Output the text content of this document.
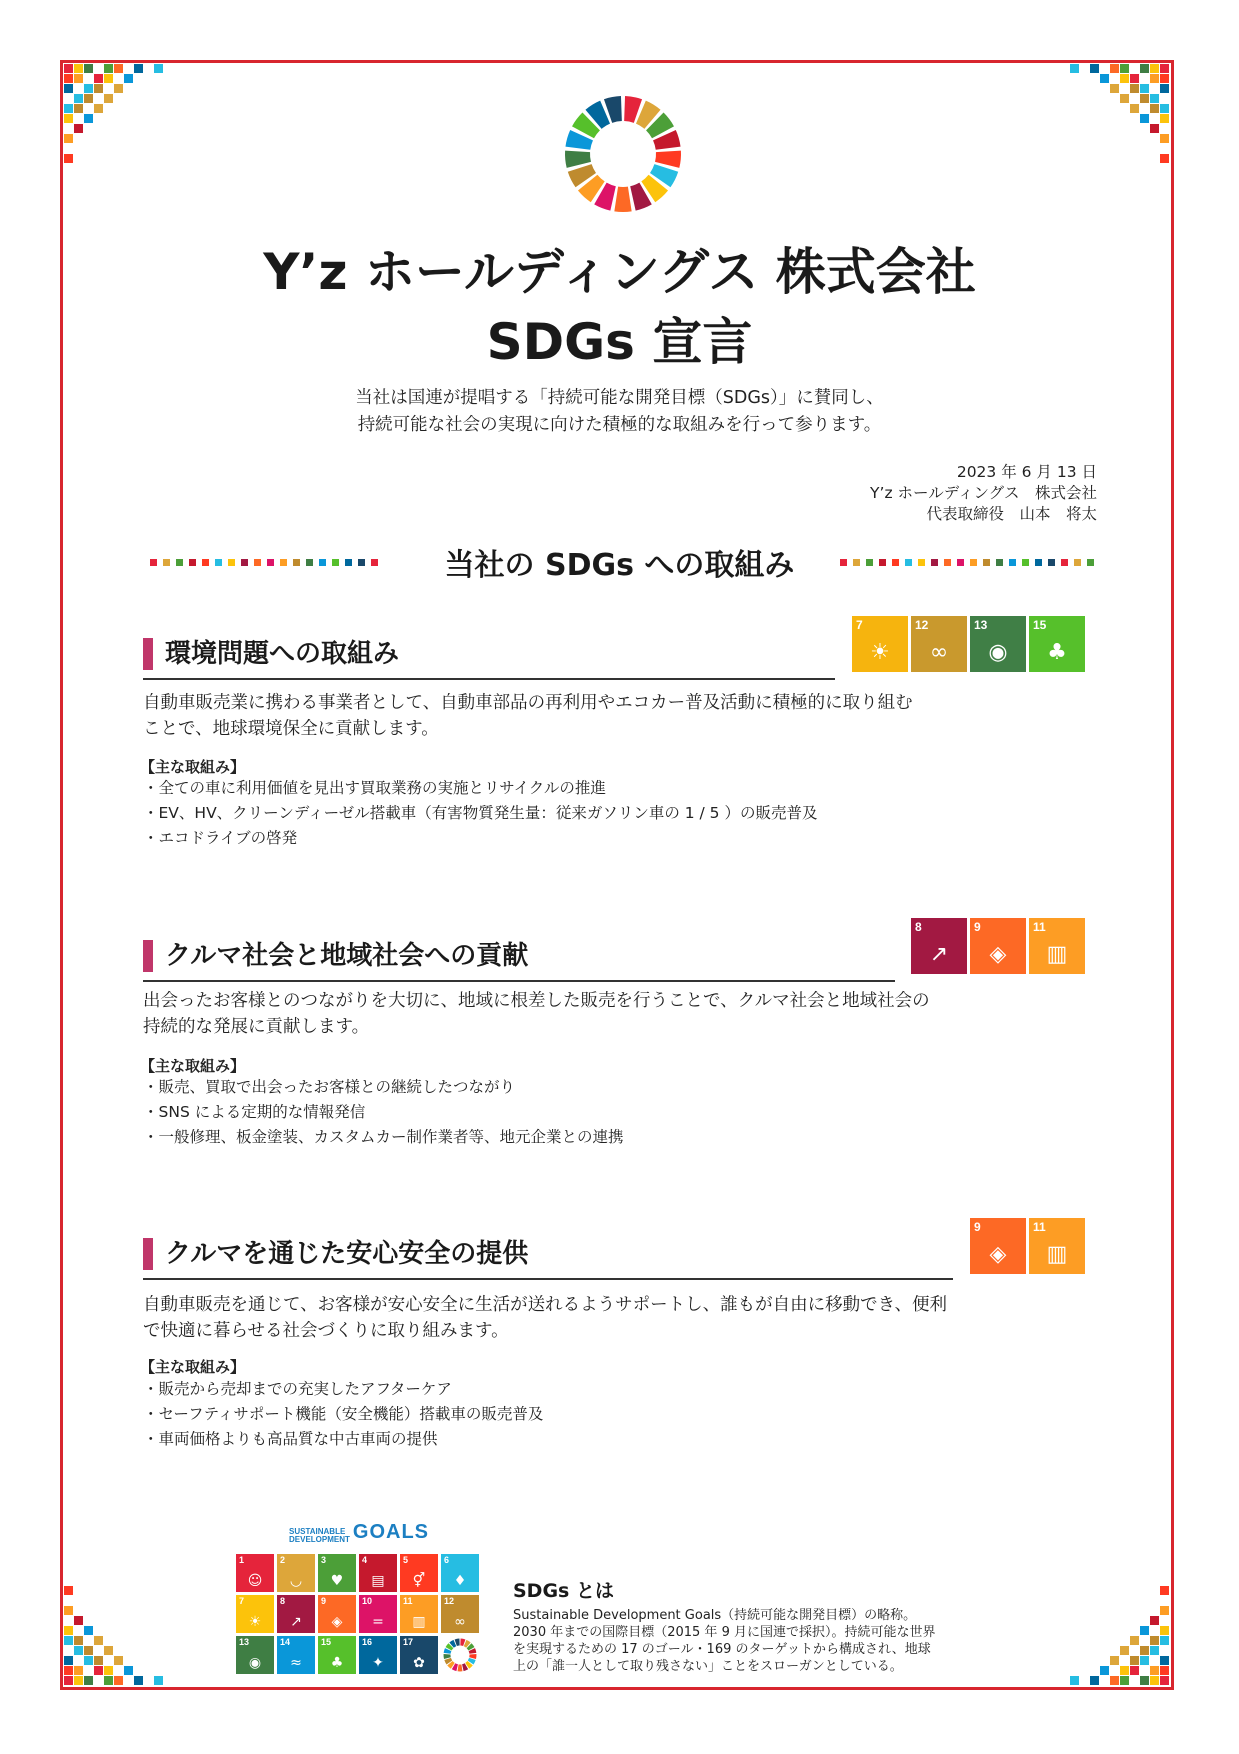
Y’z ホールディングス 株式会社
SDGs 宣言
当社は国連が提唱する「持続可能な開発目標（SDGs）」に賛同し、
持続可能な社会の実現に向けた積極的な取組みを行って参ります。
2023 年 6 月 13 日
Y’z ホールディングス　株式会社
代表取締役　山本　将太
当社の SDGs への取組み
環境問題への取組み
7
☀
12
∞
13
◉
15
♣
自動車販売業に携わる事業者として、自動車部品の再利用やエコカー普及活動に積極的に取り組む
ことで、地球環境保全に貢献します。
【主な取組み】
・ 全ての車に利用価値を見出す買取業務の実施とリサイクルの推進
・ EV、HV、クリーンディーゼル搭載車（有害物質発生量：従来ガソリン車の 1 / 5 ）の販売普及
・ エコドライブの啓発
クルマ社会と地域社会への貢献
8
↗
9
◈
11
▥
出会ったお客様とのつながりを大切に、地域に根差した販売を行うことで、クルマ社会と地域社会の
持続的な発展に貢献します。
【主な取組み】
・ 販売、買取で出会ったお客様との継続したつながり
・ SNS による定期的な情報発信
・ 一般修理、板金塗装、カスタムカー制作業者等、地元企業との連携
クルマを通じた安心安全の提供
9
◈
11
▥
自動車販売を通じて、お客様が安心安全に生活が送れるようサポートし、誰もが自由に移動でき、便利
で快適に暮らせる社会づくりに取り組みます。
【主な取組み】
・ 販売から売却までの充実したアフターケア
・ セーフティサポート機能（安全機能）搭載車の販売普及
・ 車両価格よりも高品質な中古車両の提供
SUSTAINABLE
DEVELOPMENT GOALS
1
☺
2
◡
3
♥
4
▤
5
⚥
6
♦
7
☀
8
↗
9
◈
10
=
11
▥
12
∞
13
◉
14
≈
15
♣
16
✦
17
✿
SDGs とは
Sustainable Development Goals（持続可能な開発目標）の略称。
2030 年までの国際目標（2015 年 9 月に国連で採択）。持続可能な世界
を実現するための 17 のゴール・169 のターゲットから構成され、地球
上の「誰一人として取り残さない」ことをスローガンとしている。
